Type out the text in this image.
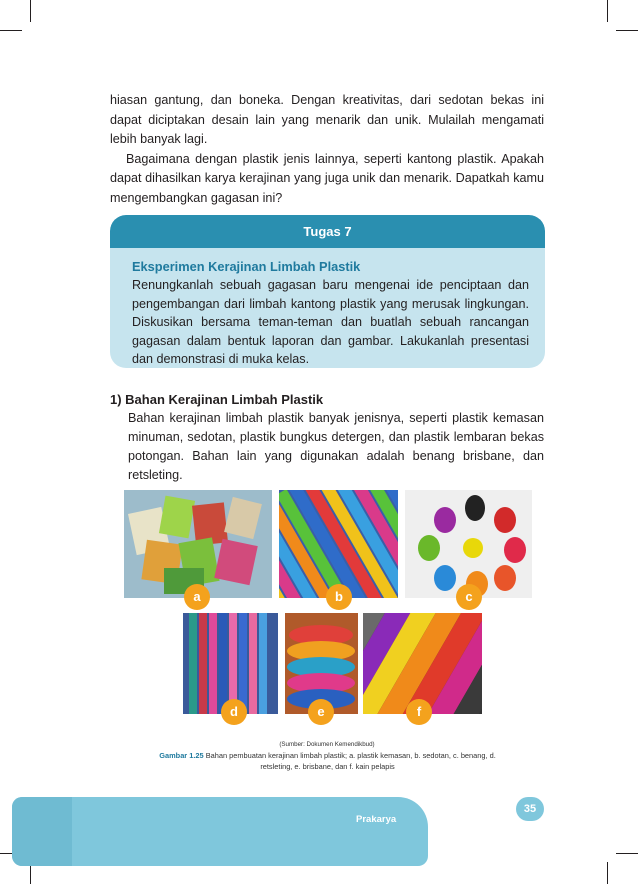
hiasan gantung, dan boneka. Dengan kreativitas, dari sedotan bekas ini dapat diciptakan desain lain yang menarik dan unik. Mulailah mengamati lebih banyak lagi.

Bagaimana dengan plastik jenis lainnya, seperti kantong plastik. Apakah dapat dihasilkan karya kerajinan yang juga unik dan menarik. Dapatkah kamu mengembangkan gagasan ini?

Tugas 7
Eksperimen Kerajinan Limbah Plastik
Renungkanlah sebuah gagasan baru mengenai ide penciptaan dan pengembangan dari limbah kantong plastik yang merusak lingkungan. Diskusikan bersama teman-teman dan buatlah sebuah rancangan gagasan dalam bentuk laporan dan gambar. Lakukanlah presentasi dan demonstrasi di muka kelas.
1) Bahan Kerajinan Limbah Plastik
Bahan kerajinan limbah plastik banyak jenisnya, seperti plastik kemasan minuman, sedotan, plastik bungkus detergen, dan plastik lembaran bekas potongan. Bahan lain yang digunakan adalah benang brisbane, dan retsleting.
a	b	c
d	e	f
(Sumber: Dokumen Kemendikbud)
Gambar 1.25 Bahan pembuatan kerajinan limbah plastik; a. plastik kemasan, b. sedotan, c. benang, d. retsleting, e. brisbane, dan f. kain pelapis
Prakarya
35
